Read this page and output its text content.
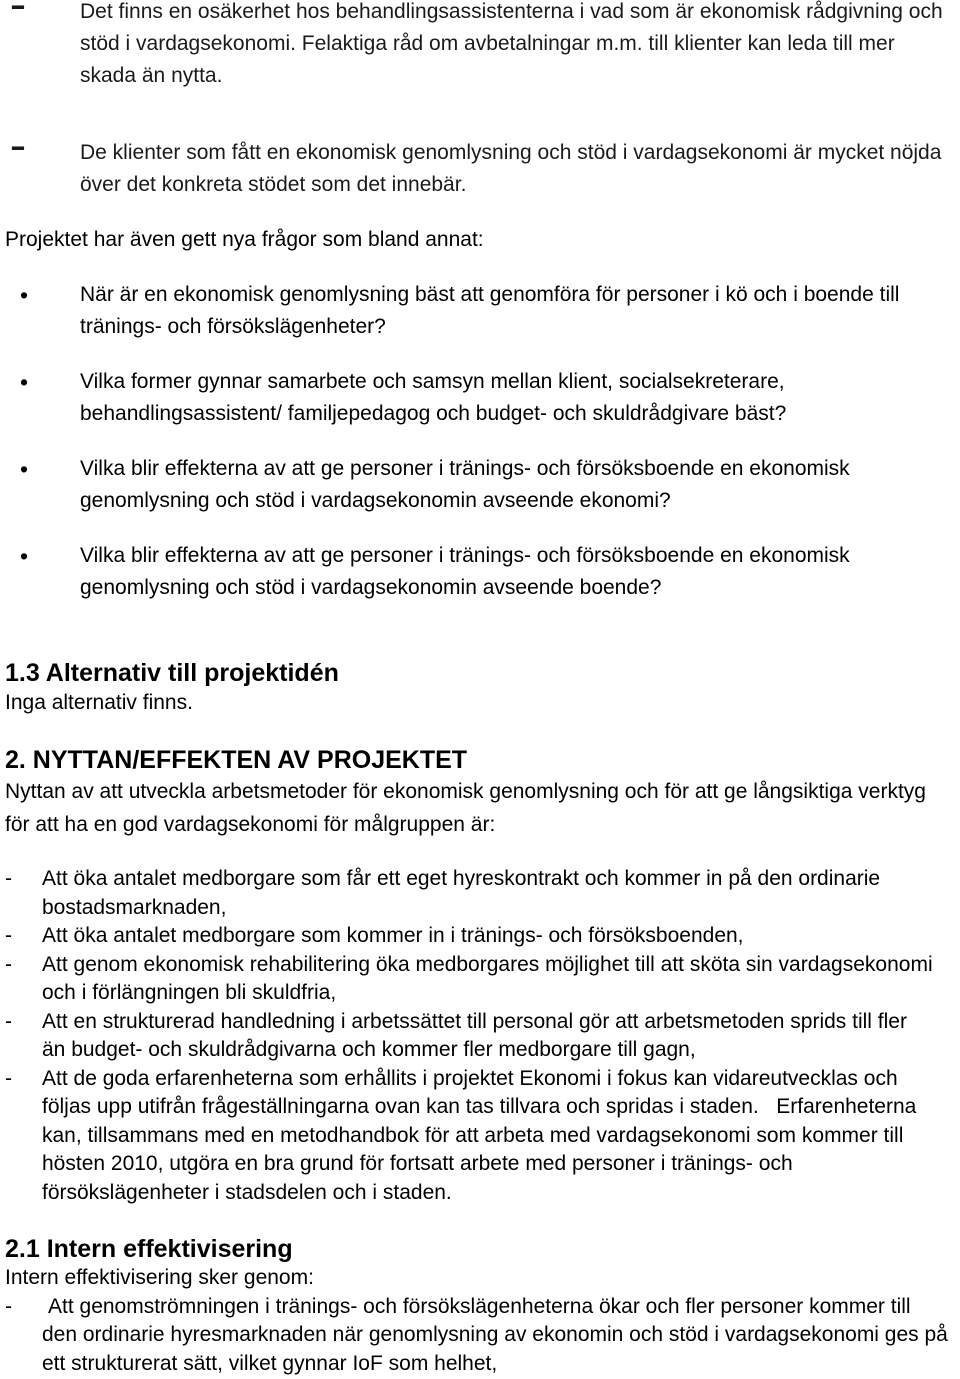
-	Det finns en osäkerhet hos behandlingsassistenterna i vad som är ekonomisk rådgivning och
stöd i vardagsekonomi. Felaktiga råd om avbetalningar m.m. till klienter kan leda till mer
skada än nytta.
-	De klienter som fått en ekonomisk genomlysning och stöd i vardagsekonomi är mycket nöjda
över det konkreta stödet som det innebär.
Projektet har även gett nya frågor som bland annat:
• När är en ekonomisk genomlysning bäst att genomföra för personer i kö och i boende till
tränings- och försökslägenheter?
• Vilka former gynnar samarbete och samsyn mellan klient, socialsekreterare,
behandlingsassistent/ familjepedagog och budget- och skuldrådgivare bäst?
• Vilka blir effekterna av att ge personer i tränings- och försöksboende en ekonomisk
genomlysning och stöd i vardagsekonomin avseende ekonomi?
• Vilka blir effekterna av att ge personer i tränings- och försöksboende en ekonomisk
genomlysning och stöd i vardagsekonomin avseende boende?
1.3 Alternativ till projektidén
Inga alternativ finns.
2. NYTTAN/EFFEKTEN AV PROJEKTET
Nyttan av att utveckla arbetsmetoder för ekonomisk genomlysning och för att ge långsiktiga verktyg
för att ha en god vardagsekonomi för målgruppen är:
- Att öka antalet medborgare som får ett eget hyreskontrakt och kommer in på den ordinarie
bostadsmarknaden,
- Att öka antalet medborgare som kommer in i tränings- och försöksboenden,
- Att genom ekonomisk rehabilitering öka medborgares möjlighet till att sköta sin vardagsekonomi
och i förlängningen bli skuldfria,
- Att en strukturerad handledning i arbetssättet till personal gör att arbetsmetoden sprids till fler
än budget- och skuldrådgivarna och kommer fler medborgare till gagn,
- Att de goda erfarenheterna som erhållits i projektet Ekonomi i fokus kan vidareutvecklas och
följas upp utifrån frågeställningarna ovan kan tas tillvara och spridas i staden.   Erfarenheterna
kan, tillsammans med en metodhandbok för att arbeta med vardagsekonomi som kommer till
hösten 2010, utgöra en bra grund för fortsatt arbete med personer i tränings- och
försökslägenheter i stadsdelen och i staden.
2.1 Intern effektivisering
Intern effektivisering sker genom:
- Att genomströmningen i tränings- och försökslägenheterna ökar och fler personer kommer till
den ordinarie hyresmarknaden när genomlysning av ekonomin och stöd i vardagsekonomi ges på
ett strukturerat sätt, vilket gynnar IoF som helhet,
